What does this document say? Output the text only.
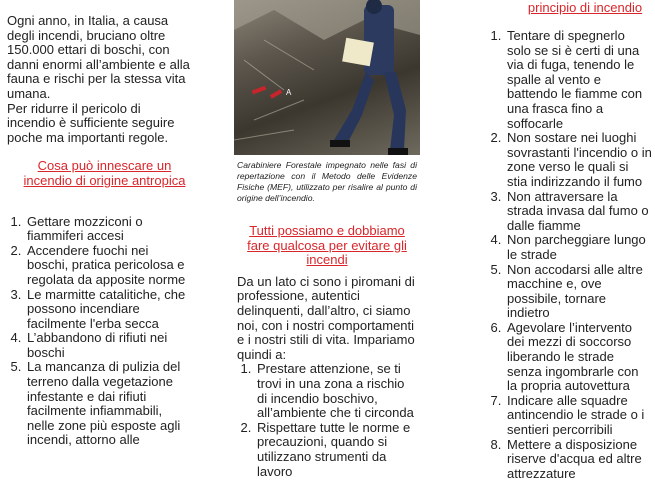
Ogni anno, in Italia, a causa degli incendi, bruciano oltre 150.000 ettari di boschi, con danni enormi all’ambiente e alla fauna e rischi per la stessa vita umana.
Per ridurre il pericolo di incendio è sufficiente seguire poche ma importanti regole.
Cosa può innescare un incendio di origine antropica
1. Gettare mozziconi o fiammiferi accesi
2. Accendere fuochi nei boschi, pratica pericolosa e regolata da apposite norme
3. Le marmitte catalitiche, che possono incendiare facilmente l'erba secca
4. L’abbandono di rifiuti nei boschi
5. La mancanza di pulizia del terreno dalla vegetazione infestante e dai rifiuti facilmente infiammabili, nelle zone più esposte agli incendi, attorno alle
A
Carabiniere Forestale impegnato nelle fasi di repertazione con il Metodo delle Evidenze Fisiche (MEF), utilizzato per risalire al punto di origine dell’incendio.
Tutti possiamo e dobbiamo fare qualcosa per evitare gli incendi
Da un lato ci sono i piromani di professione, autentici delinquenti, dall’altro, ci siamo noi, con i nostri comportamenti e i nostri stili di vita. Impariamo quindi a:
1. Prestare attenzione, se ti trovi in una zona a rischio di incendio boschivo, all’ambiente che ti circonda
2. Rispettare tutte le norme e precauzioni, quando si utilizzano strumenti da lavoro
principio di incendio
1. Tentare di spegnerlo solo se si è certi di una via di fuga, tenendo le spalle al vento e battendo le fiamme con una frasca fino a soffocarle
2. Non sostare nei luoghi sovrastanti l'incendio o in zone verso le quali si stia indirizzando il fumo
3. Non attraversare la strada invasa dal fumo o dalle fiamme
4. Non parcheggiare lungo le strade
5. Non accodarsi alle altre macchine e, ove possibile, tornare indietro
6. Agevolare l’intervento dei mezzi di soccorso liberando le strade senza ingombrarle con la propria autovettura
7. Indicare alle squadre antincendio le strade o i sentieri percorribili
8. Mettere a disposizione riserve d'acqua ed altre attrezzature
